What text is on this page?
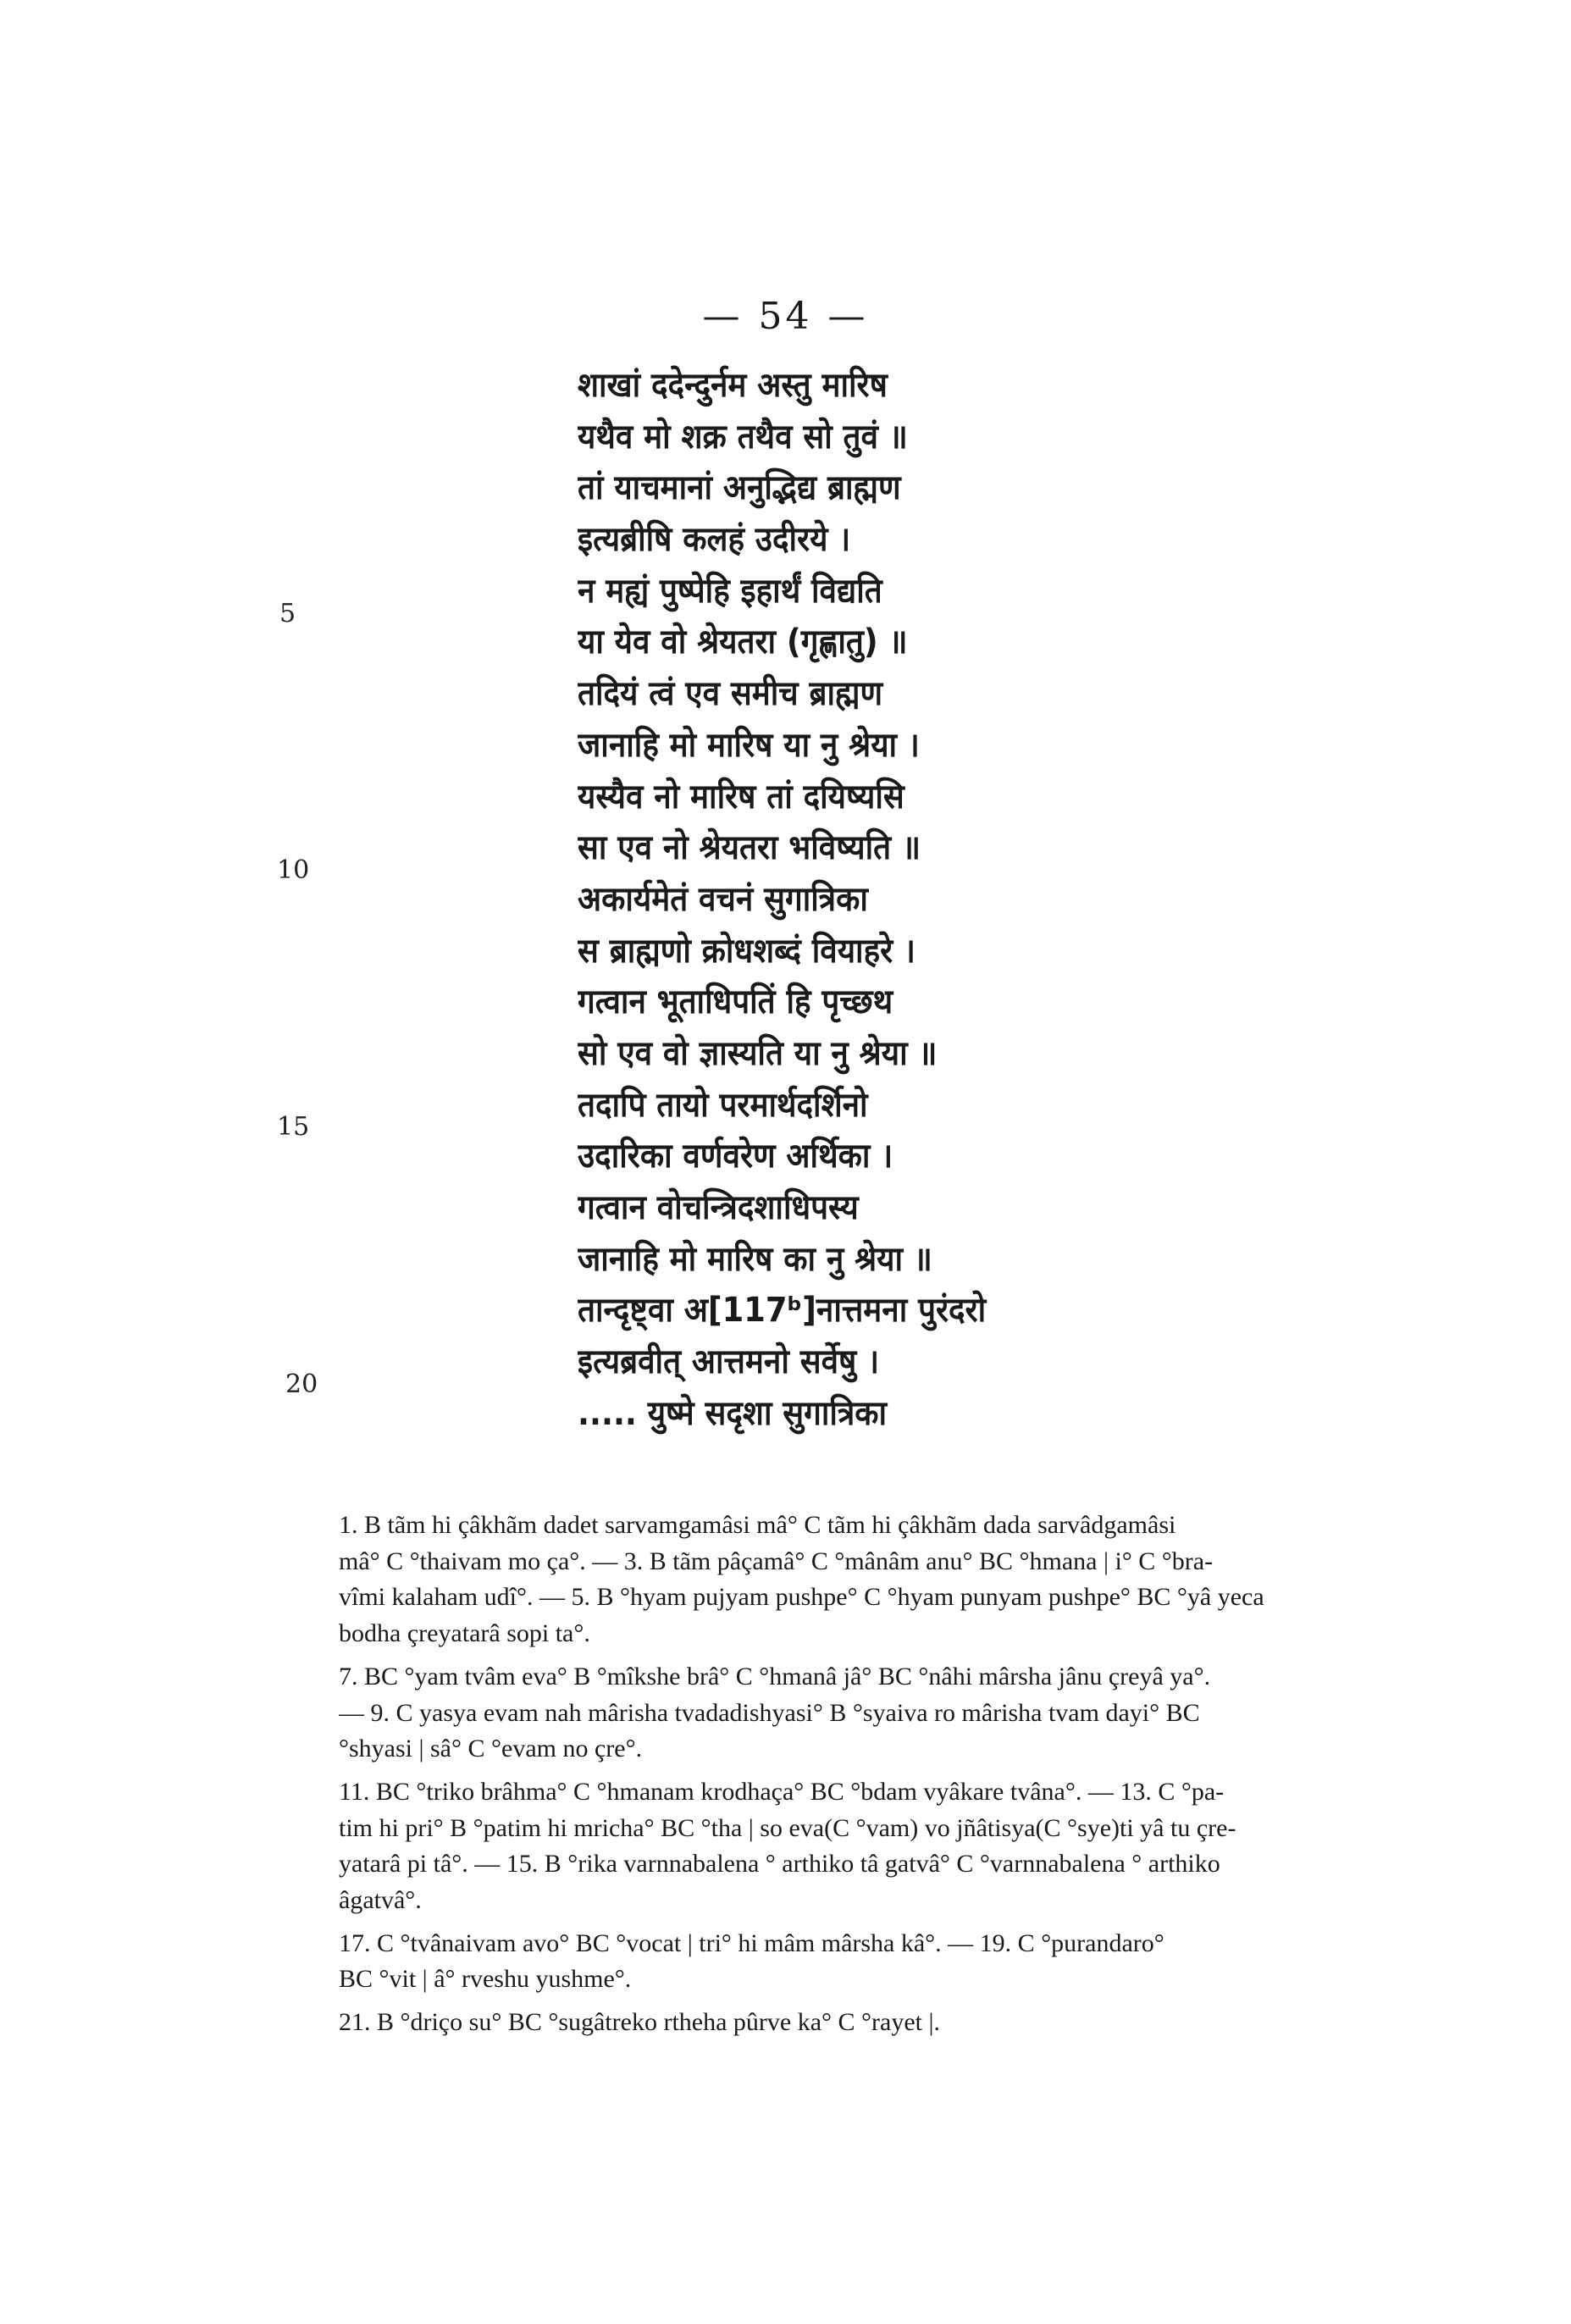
— 54 —
5
10
15
20
शाखां ददेन्दुर्नम अस्तु मारिष
यथैव मो शक्र तथैव सो तुवं ॥
तां याचमानां अनुद्भिद्य ब्राह्मण
इत्यब्रीषि कलहं उदीरये ।
न मह्यं पुष्पेहि इहार्थं विद्यति
या येव वो श्रेयतरा (गृह्णातु) ॥
तदियं त्वं एव समीच ब्राह्मण
जानाहि मो मारिष या नु श्रेया ।
यस्यैव नो मारिष तां दयिष्यसि
सा एव नो श्रेयतरा भविष्यति ॥
अकार्यमेतं वचनं सुगात्रिका
स ब्राह्मणो क्रोधशब्दं वियाहरे ।
गत्वान भूताधिपतिं हि पृच्छथ
सो एव वो ज्ञास्यति या नु श्रेया ॥
तदापि तायो परमार्थदर्शिनो
उदारिका वर्णवरेण अर्थिका ।
गत्वान वोचन्त्रिदशाधिपस्य
जानाहि मो मारिष का नु श्रेया ॥
तान्दृष्ट्वा अ[117ᵇ]नात्तमना पुरंदरो
इत्यब्रवीत् आत्तमनो सर्वेषु ।
..... युष्मे सदृशा सुगात्रिका
1. B tãm hi çâkhãm dadet sarvamgamâsi mâ° C tãm hi çâkhãm dada sarvâdgamâsi
mâ° C °thaivam mo ça°. — 3. B tãm pâçamâ° C °mânâm anu° BC °hmana | i° C °bra-
vîmi kalaham udî°. — 5. B °hyam pujyam pushpe° C °hyam punyam pushpe° BC °yâ yeca
bodha çreyatarâ sopi ta°.
7. BC °yam tvâm eva° B °mîkshe brâ° C °hmanâ jâ° BC °nâhi mârsha jânu çreyâ ya°.
— 9. C yasya evam nah mârisha tvadadishyasi° B °syaiva ro mârisha tvam dayi° BC
°shyasi | sâ° C °evam no çre°.
11. BC °triko brâhma° C °hmanam krodhaça° BC °bdam vyâkare tvâna°. — 13. C °pa-
tim hi pri° B °patim hi mricha° BC °tha | so eva(C °vam) vo jñâtisya(C °sye)ti yâ tu çre-
yatarâ pi tâ°. — 15. B °rika varnnabalena ° arthiko tâ gatvâ° C °varnnabalena ° arthiko
âgatvâ°.
17. C °tvânaivam avo° BC °vocat | tri° hi mâm mârsha kâ°. — 19. C °purandaro°
BC °vit | â° rveshu yushme°.
21. B °driço su° BC °sugâtreko rtheha pûrve ka° C °rayet |.
